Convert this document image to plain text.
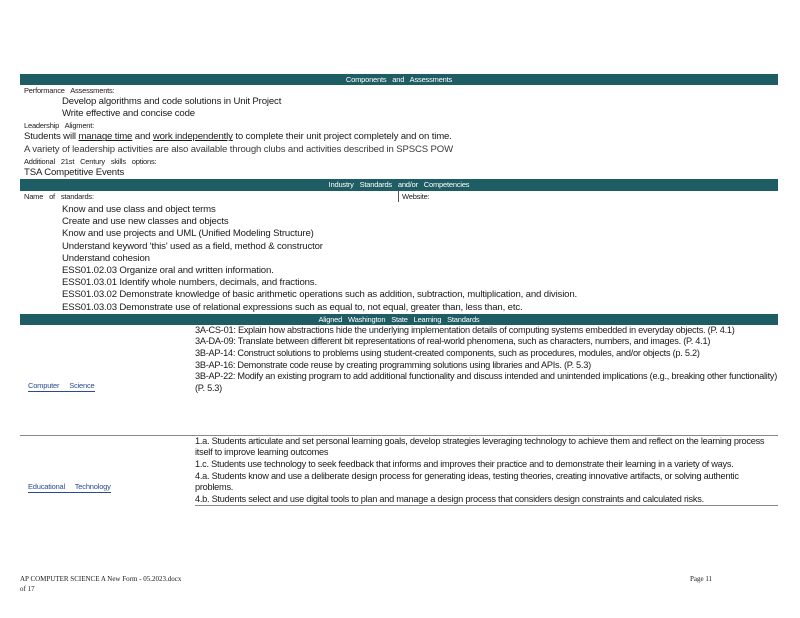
Components and Assessments
Performance Assessments:
Develop algorithms and code solutions in Unit Project
Write effective and concise code
Leadership Aligment:
Students will manage time and work independently to complete their unit project completely and on time.
A variety of leadership activities are also available through clubs and activities described in SPSCS POW
Additional 21st Century skills options:
TSA Competitive Events
Industry Standards and/or Competencies
Name of standards:	Website:
Know and use class and object terms
Create and use new classes and objects
Know and use projects and UML (Unified Modeling Structure)
Understand keyword 'this' used as a field, method & constructor
Understand cohesion
ESS01.02.03 Organize oral and written information.
ESS01.03.01 Identify whole numbers, decimals, and fractions.
ESS01.03.02 Demonstrate knowledge of basic arithmetic operations such as addition, subtraction, multiplication, and division.
ESS01.03.03 Demonstrate use of relational expressions such as equal to, not equal, greater than, less than, etc.
Aligned Washington State Learning Standards
Computer Science	3A-CS-01: Explain how abstractions hide the underlying implementation details of computing systems embedded in everyday objects. (P. 4.1)

3A-DA-09: Translate between different bit representations of real-world phenomena, such as characters, numbers, and images. (P. 4.1)

3B-AP-14: Construct solutions to problems using student-created components, such as procedures, modules, and/or objects (p. 5.2)

3B-AP-16: Demonstrate code reuse by creating programming solutions using libraries and APIs. (P. 5.3)

3B-AP-22: Modify an existing program to add additional functionality and discuss intended and unintended implications (e.g., breaking other functionality) (P. 5.3)

Educational Technology	1.a. Students articulate and set personal learning goals, develop strategies leveraging technology to achieve them and reflect on the learning process itself to improve learning outcomes

1.c. Students use technology to seek feedback that informs and improves their practice and to demonstrate their learning in a variety of ways.

4.a. Students know and use a deliberate design process for generating ideas, testing theories, creating innovative artifacts, or solving authentic problems.

4.b. Students select and use digital tools to plan and manage a design process that considers design constraints and calculated risks.

AP COMPUTER SCIENCE A New Form - 05.2023.docx
of 17
Page 11
